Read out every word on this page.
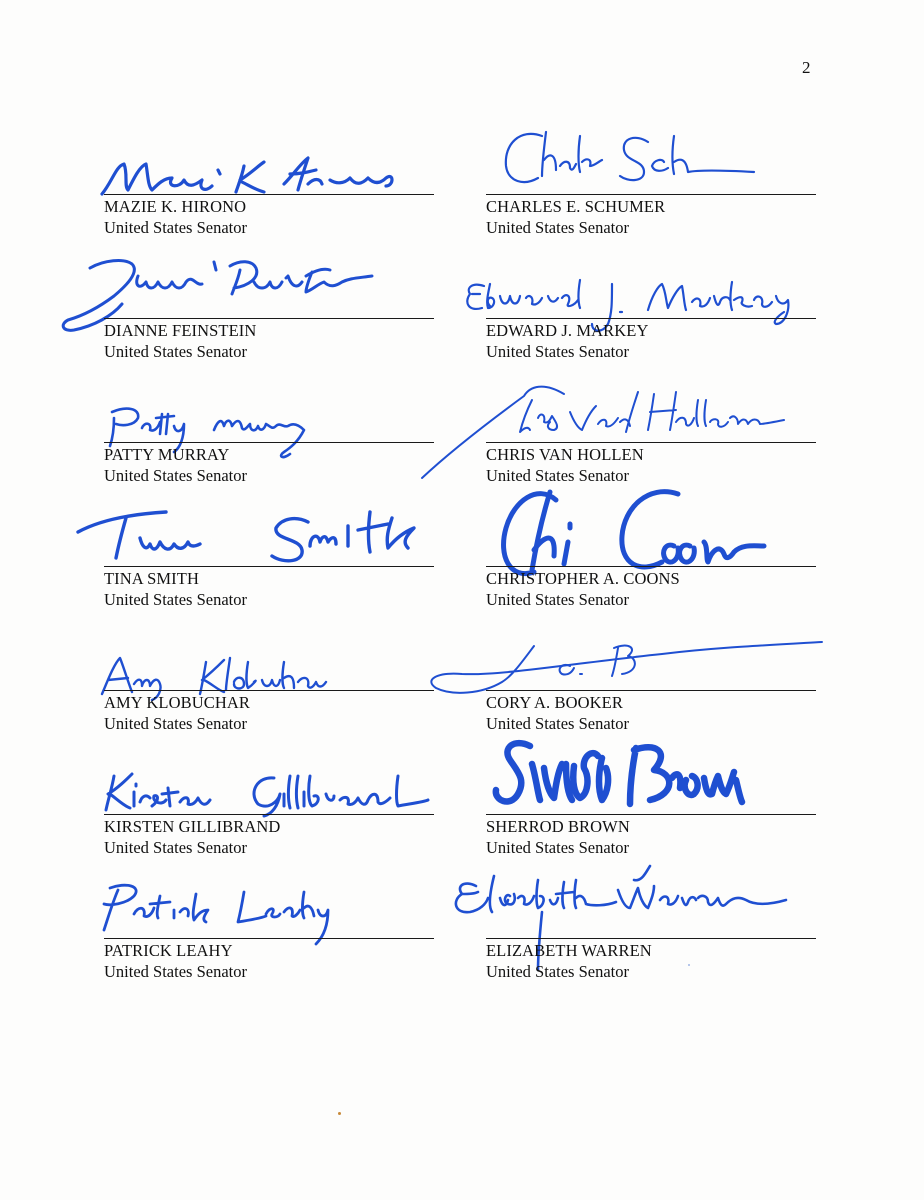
2
MAZIE K. HIRONO
United States Senator
DIANNE FEINSTEIN
United States Senator
PATTY MURRAY
United States Senator
TINA SMITH
United States Senator
AMY KLOBUCHAR
United States Senator
KIRSTEN GILLIBRAND
United States Senator
PATRICK LEAHY
United States Senator
CHARLES E. SCHUMER
United States Senator
EDWARD J. MARKEY
United States Senator
CHRIS VAN HOLLEN
United States Senator
CHRISTOPHER A. COONS
United States Senator
CORY A. BOOKER
United States Senator
SHERROD BROWN
United States Senator
ELIZABETH WARREN
United States Senator
